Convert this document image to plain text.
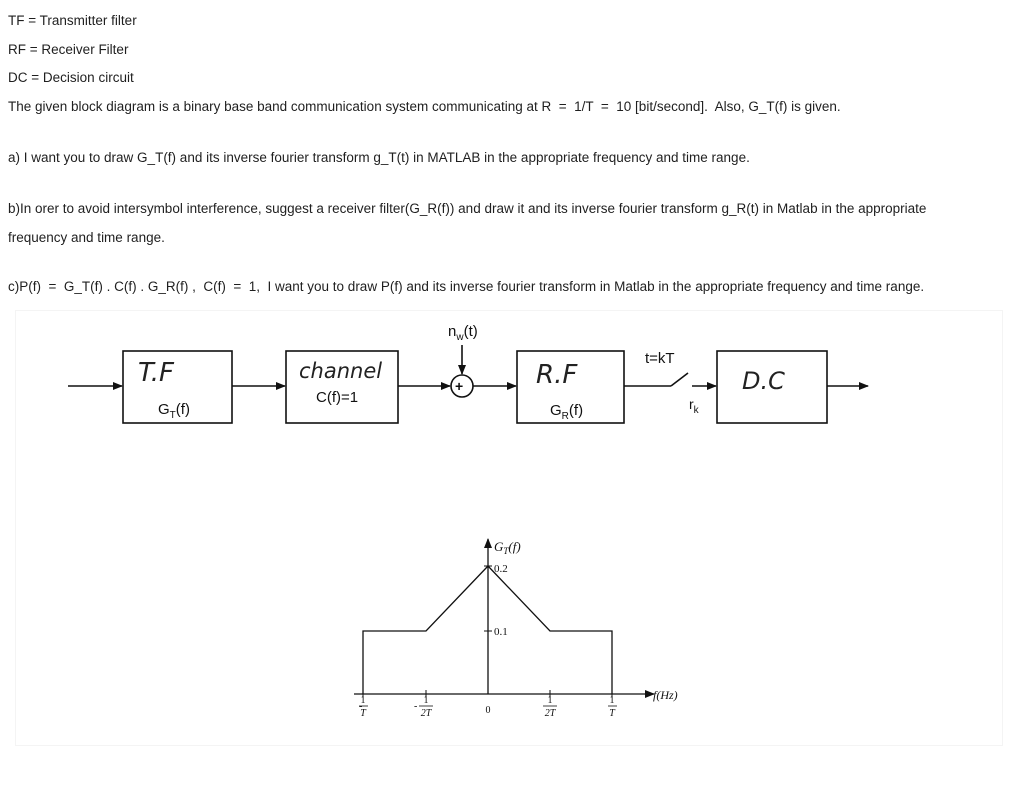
TF = Transmitter filter
RF = Receiver Filter
DC = Decision circuit
The given block diagram is a binary base band communication system communicating at R  =  1/T  =  10 [bit/second].  Also, G_T(f) is given.
a) I want you to draw G_T(f) and its inverse fourier transform g_T(t) in MATLAB in the appropriate frequency and time range.
b)In orer to avoid intersymbol interference, suggest a receiver filter(G_R(f)) and draw it and its inverse fourier transform g_R(t) in Matlab in the appropriate
frequency and time range.
c)P(f)  =  G_T(f) . C(f) . G_R(f) ,  C(f)  =  1,  I want you to draw P(f) and its inverse fourier transform in Matlab in the appropriate frequency and time range.
T.F
$G_T(f)$
channel
C(f)=1
+
$n_w(t)$
R.F
$G_R(f)$
t=kT
$r_k$
D.C
0.2
0.1
$G_T(f)$
f(Hz)
-
1
T
-
1
2T	0
1
2T
1
T
